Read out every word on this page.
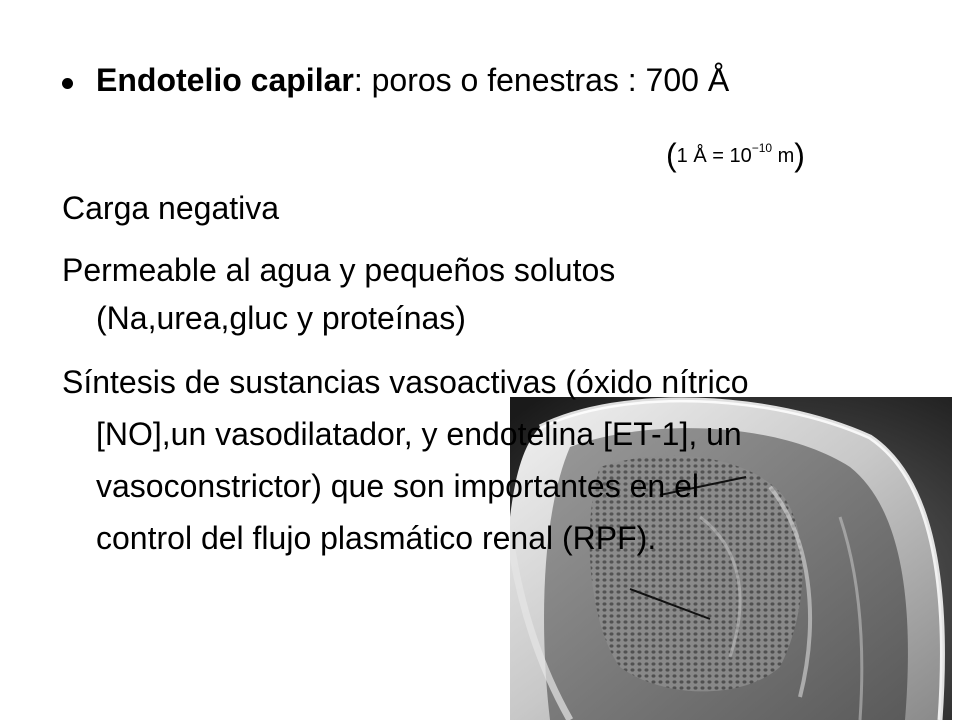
Endotelio capilar: poros o fenestras : 700 Å
(1 Å = $10^{-10}$ m)
Carga negativa
Permeable al agua y pequeños solutos
(Na,urea,gluc y proteínas)
Síntesis de sustancias vasoactivas (óxido nítrico
[NO],un vasodilatador, y endotelina [ET-1], un
vasoconstrictor) que son importantes en el
control del flujo plasmático renal (RPF).
